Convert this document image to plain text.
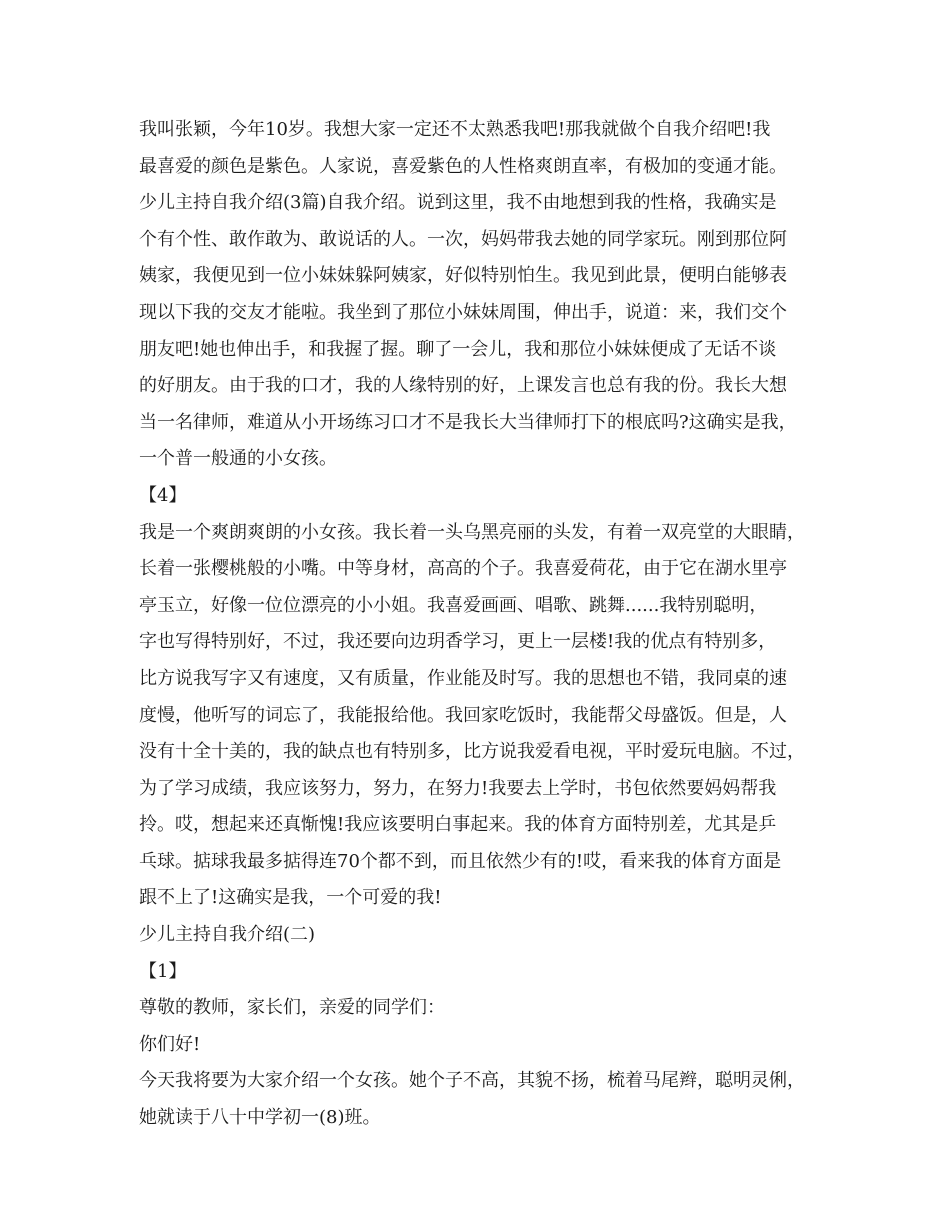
我叫张颖，今年10岁。我想大家一定还不太熟悉我吧!那我就做个自我介绍吧!我
最喜爱的颜色是紫色。人家说，喜爱紫色的人性格爽朗直率，有极加的变通才能。
少儿主持自我介绍(3篇)自我介绍。说到这里，我不由地想到我的性格，我确实是
个有个性、敢作敢为、敢说话的人。一次，妈妈带我去她的同学家玩。刚到那位阿
姨家，我便见到一位小妹妹躲阿姨家，好似特别怕生。我见到此景，便明白能够表
现以下我的交友才能啦。我坐到了那位小妹妹周围，伸出手，说道：来，我们交个
朋友吧!她也伸出手，和我握了握。聊了一会儿，我和那位小妹妹便成了无话不谈
的好朋友。由于我的口才，我的人缘特别的好，上课发言也总有我的份。我长大想
当一名律师，难道从小开场练习口才不是我长大当律师打下的根底吗?这确实是我，
一个普一般通的小女孩。
【4】
我是一个爽朗爽朗的小女孩。我长着一头乌黑亮丽的头发，有着一双亮堂的大眼睛，
长着一张樱桃般的小嘴。中等身材，高高的个子。我喜爱荷花，由于它在湖水里亭
亭玉立，好像一位位漂亮的小小姐。我喜爱画画、唱歌、跳舞......我特别聪明，
字也写得特别好，不过，我还要向边玥香学习，更上一层楼!我的优点有特别多，
比方说我写字又有速度，又有质量，作业能及时写。我的思想也不错，我同桌的速
度慢，他听写的词忘了，我能报给他。我回家吃饭时，我能帮父母盛饭。但是，人
没有十全十美的，我的缺点也有特别多，比方说我爱看电视，平时爱玩电脑。不过，
为了学习成绩，我应该努力，努力，在努力!我要去上学时，书包依然要妈妈帮我
拎。哎，想起来还真惭愧!我应该要明白事起来。我的体育方面特别差，尤其是乒
乓球。掂球我最多掂得连70个都不到，而且依然少有的!哎，看来我的体育方面是
跟不上了!这确实是我，一个可爱的我!
少儿主持自我介绍(二)
【1】
尊敬的教师，家长们，亲爱的同学们：
你们好!
今天我将要为大家介绍一个女孩。她个子不高，其貌不扬，梳着马尾辫，聪明灵俐，
她就读于八十中学初一(8)班。
